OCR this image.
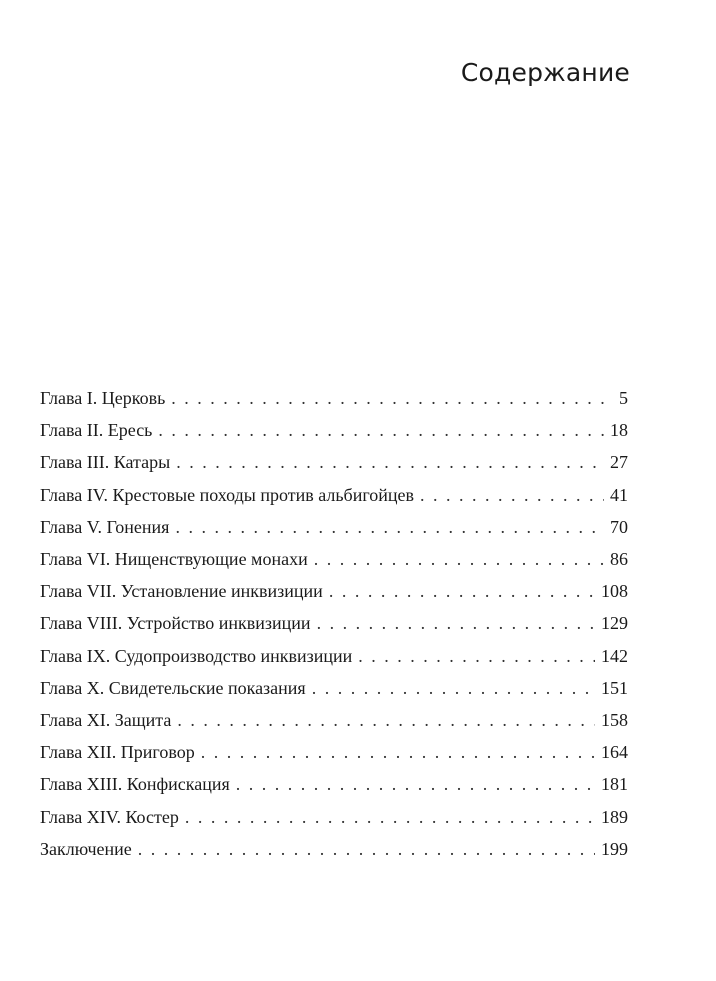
Содержание
Глава I. Церковь . . .	5
Глава II. Ересь . . .	18
Глава III. Катары . . .	27
Глава IV. Крестовые походы против альбигойцев . . .	41
Глава V. Гонения . . .	70
Глава VI. Нищенствующие монахи . . .	86
Глава VII. Установление инквизиции . . .	108
Глава VIII. Устройство инквизиции . . .	129
Глава IX. Судопроизводство инквизиции . . .	142
Глава X. Свидетельские показания . . .	151
Глава XI. Защита . . .	158
Глава XII. Приговор . . .	164
Глава XIII. Конфискация . . .	181
Глава XIV. Костер . . .	189
Заключение . . .	199
